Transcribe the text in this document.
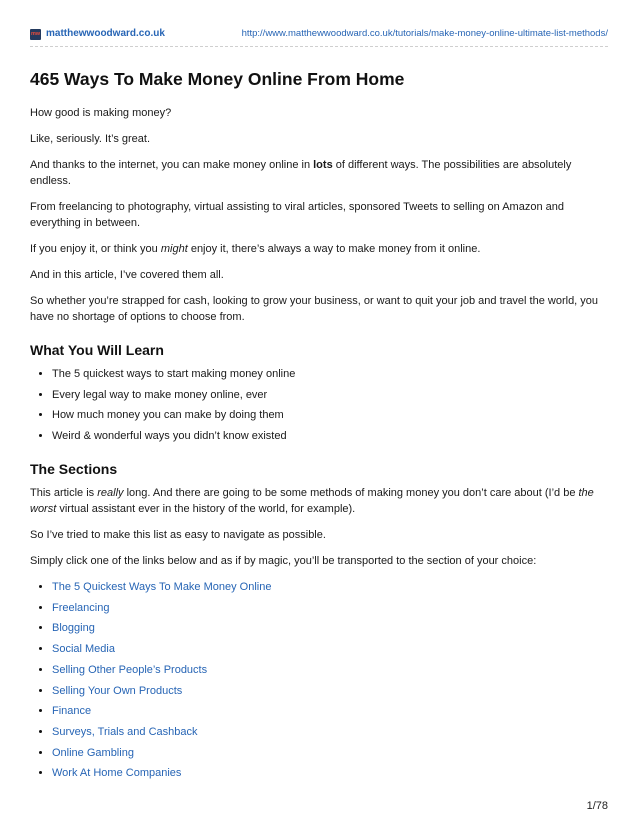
mw matthewwoodward.co.uk	http://www.matthewwoodward.co.uk/tutorials/make-money-online-ultimate-list-methods/
465 Ways To Make Money Online From Home

How good is making money?

Like, seriously. It’s great.

And thanks to the internet, you can make money online in lots of different ways. The possibilities are absolutely endless.

From freelancing to photography, virtual assisting to viral articles, sponsored Tweets to selling on Amazon and everything in between.

If you enjoy it, or think you might enjoy it, there’s always a way to make money from it online.

And in this article, I’ve covered them all.

So whether you’re strapped for cash, looking to grow your business, or want to quit your job and travel the world, you have no shortage of options to choose from.

What You Will Learn
• The 5 quickest ways to start making money online
• Every legal way to make money online, ever
• How much money you can make by doing them
• Weird & wonderful ways you didn’t know existed
The Sections

This article is really long. And there are going to be some methods of making money you don’t care about (I’d be the worst virtual assistant ever in the history of the world, for example).

So I’ve tried to make this list as easy to navigate as possible.

Simply click one of the links below and as if by magic, you’ll be transported to the section of your choice:

• The 5 Quickest Ways To Make Money Online
• Freelancing
• Blogging
• Social Media
• Selling Other People’s Products
• Selling Your Own Products
• Finance
• Surveys, Trials and Cashback
• Online Gambling
• Work At Home Companies
1/78
